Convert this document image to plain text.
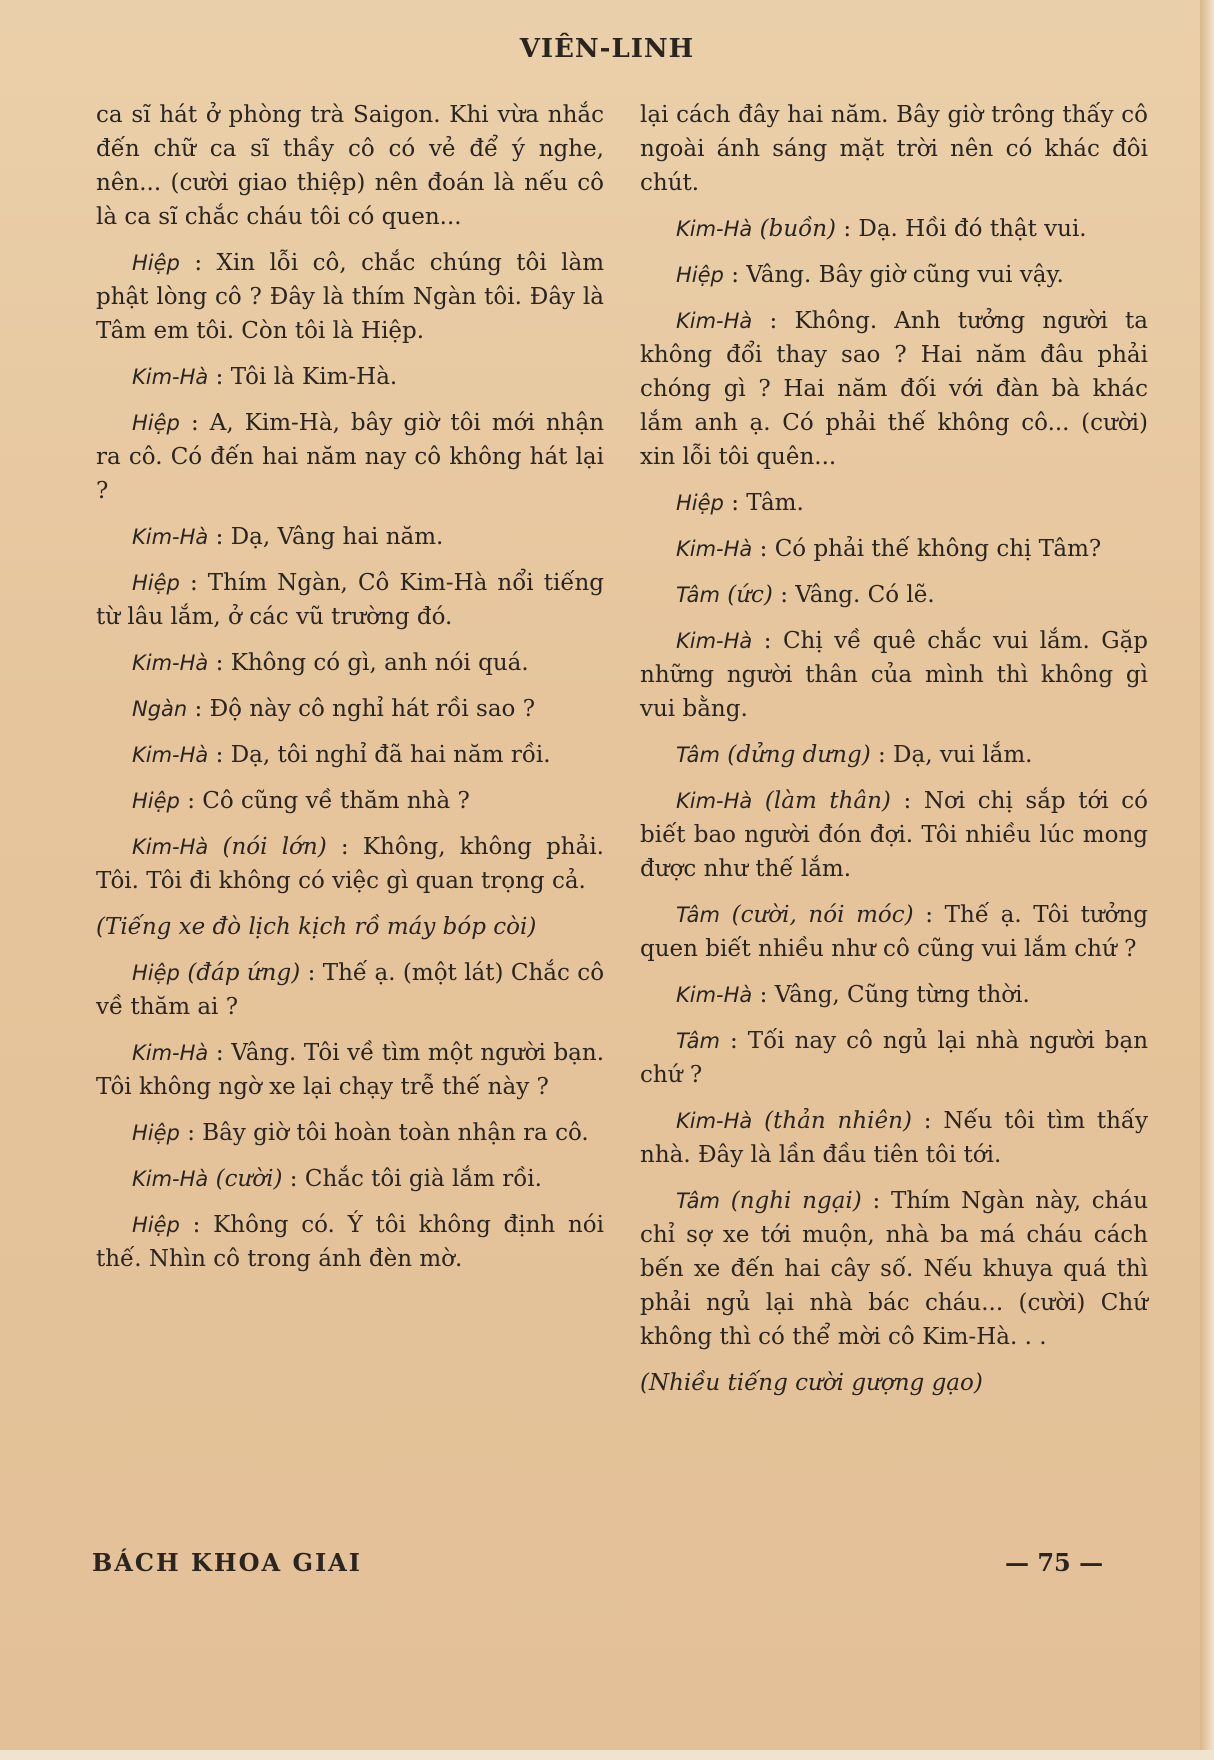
VIÊN-LINH

ca sĩ hát ở phòng trà Saigon. Khi vừa nhắc đến chữ ca sĩ thầy cô có vẻ để ý nghe, nên... (cười giao thiệp) nên đoán là nếu cô là ca sĩ chắc cháu tôi có quen...

Hiệp : Xin lỗi cô, chắc chúng tôi làm phật lòng cô ? Đây là thím Ngàn tôi. Đây là Tâm em tôi. Còn tôi là Hiệp.

Kim-Hà : Tôi là Kim-Hà.

Hiệp : A, Kim-Hà, bây giờ tôi mới nhận ra cô. Có đến hai năm nay cô không hát lại ?

Kim-Hà : Dạ, Vâng hai năm.

Hiệp : Thím Ngàn, Cô Kim-Hà nổi tiếng từ lâu lắm, ở các vũ trường đó.

Kim-Hà : Không có gì, anh nói quá.

Ngàn : Độ này cô nghỉ hát rồi sao ?

Kim-Hà : Dạ, tôi nghỉ đã hai năm rồi.

Hiệp : Cô cũng về thăm nhà ?

Kim-Hà (nói lớn) : Không, không phải. Tôi. Tôi đi không có việc gì quan trọng cả.

(Tiếng xe đò lịch kịch rồ máy bóp còi)

Hiệp (đáp ứng) : Thế ạ. (một lát) Chắc cô về thăm ai ?

Kim-Hà : Vâng. Tôi về tìm một người bạn. Tôi không ngờ xe lại chạy trễ thế này ?

Hiệp : Bây giờ tôi hoàn toàn nhận ra cô.

Kim-Hà (cười) : Chắc tôi già lắm rồi.

Hiệp : Không có. Ý tôi không định nói thế. Nhìn cô trong ánh đèn mờ.

lại cách đây hai năm. Bây giờ trông thấy cô ngoài ánh sáng mặt trời nên có khác đôi chút.

Kim-Hà (buồn) : Dạ. Hồi đó thật vui.

Hiệp : Vâng. Bây giờ cũng vui vậy.

Kim-Hà : Không. Anh tưởng người ta không đổi thay sao ? Hai năm đâu phải chóng gì ? Hai năm đối với đàn bà khác lắm anh ạ. Có phải thế không cô... (cười) xin lỗi tôi quên...

Hiệp : Tâm.

Kim-Hà : Có phải thế không chị Tâm?

Tâm (ức) : Vâng. Có lẽ.

Kim-Hà : Chị về quê chắc vui lắm. Gặp những người thân của mình thì không gì vui bằng.

Tâm (dửng dưng) : Dạ, vui lắm.

Kim-Hà (làm thân) : Nơi chị sắp tới có biết bao người đón đợi. Tôi nhiều lúc mong được như thế lắm.

Tâm (cười, nói móc) : Thế ạ. Tôi tưởng quen biết nhiều như cô cũng vui lắm chứ ?

Kim-Hà : Vâng, Cũng từng thời.

Tâm : Tối nay cô ngủ lại nhà người bạn chứ ?

Kim-Hà (thản nhiên) : Nếu tôi tìm thấy nhà. Đây là lần đầu tiên tôi tới.

Tâm (nghi ngại) : Thím Ngàn này, cháu chỉ sợ xe tới muộn, nhà ba má cháu cách bến xe đến hai cây số. Nếu khuya quá thì phải ngủ lại nhà bác cháu... (cười) Chứ không thì có thể mời cô Kim-Hà. . .

(Nhiều tiếng cười gượng gạo)

BÁCH KHOA GIAI	— 75 —
